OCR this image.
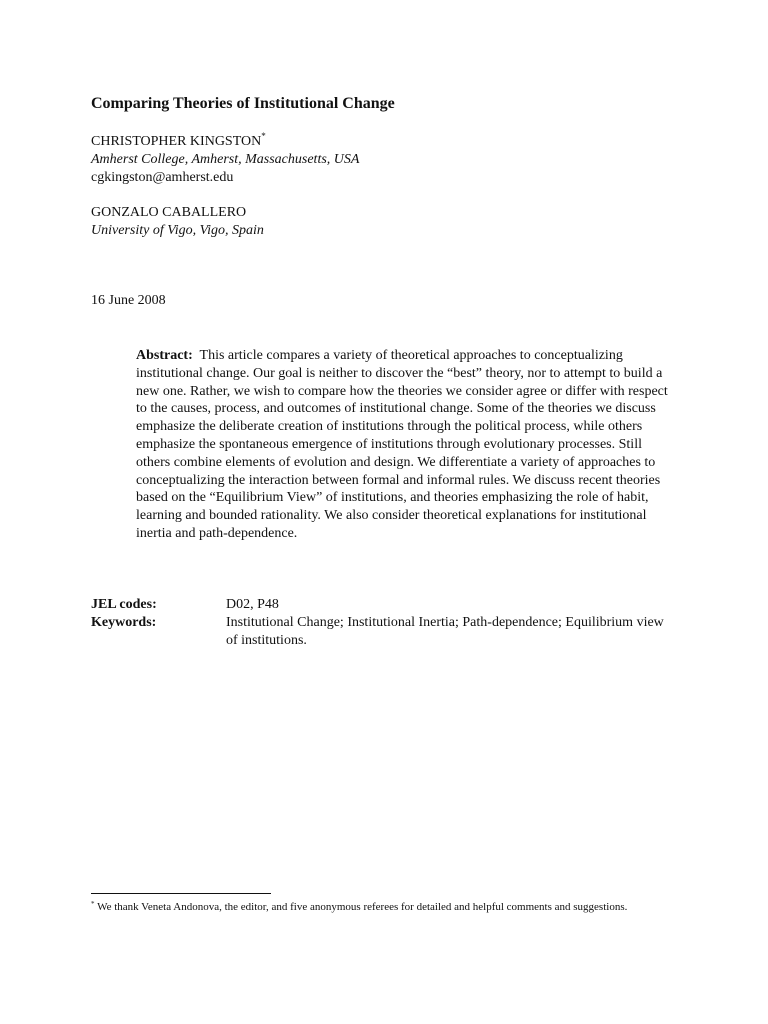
Comparing Theories of Institutional Change
CHRISTOPHER KINGSTON*
Amherst College, Amherst, Massachusetts, USA
cgkingston@amherst.edu
GONZALO CABALLERO
University of Vigo, Vigo, Spain
16 June 2008

Abstract: This article compares a variety of theoretical approaches to conceptualizing institutional change. Our goal is neither to discover the “best” theory, nor to attempt to build a new one. Rather, we wish to compare how the theories we consider agree or differ with respect to the causes, process, and outcomes of institutional change. Some of the theories we discuss emphasize the deliberate creation of institutions through the political process, while others emphasize the spontaneous emergence of institutions through evolutionary processes. Still others combine elements of evolution and design. We differentiate a variety of approaches to conceptualizing the interaction between formal and informal rules. We discuss recent theories based on the “Equilibrium View” of institutions, and theories emphasizing the role of habit, learning and bounded rationality. We also consider theoretical explanations for institutional inertia and path-dependence.

JEL codes:	D02, P48
Keywords:	Institutional Change; Institutional Inertia; Path-dependence; Equilibrium view of institutions.

* We thank Veneta Andonova, the editor, and five anonymous referees for detailed and helpful comments and suggestions.
